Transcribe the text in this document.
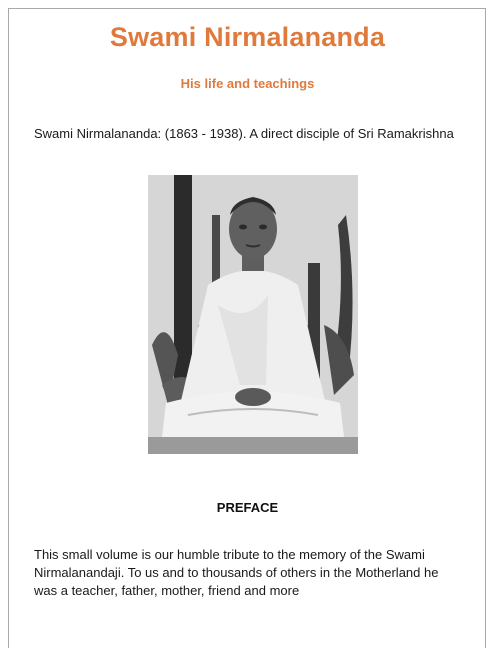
Swami Nirmalananda
His life and teachings
Swami Nirmalananda: (1863 - 1938). A direct disciple of Sri Ramakrishna
PREFACE
This small volume is our humble tribute to the memory of the Swami Nirmalanandaji. To us and to thousands of others in the Motherland he was a teacher, father, mother, friend and more
